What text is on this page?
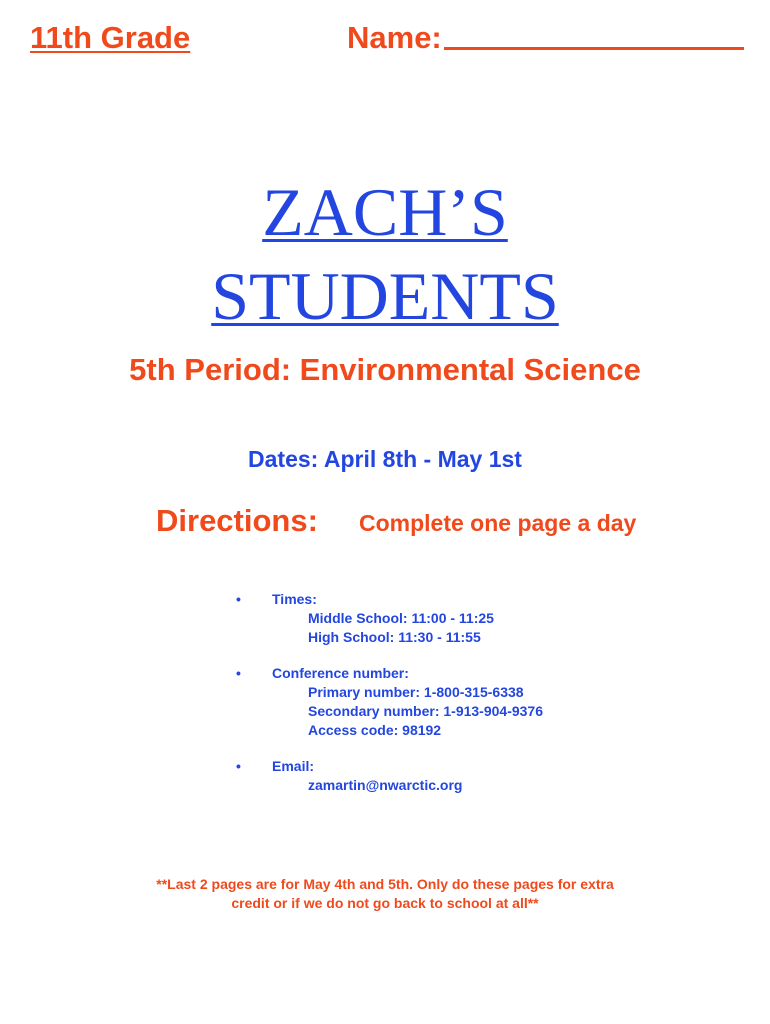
11th Grade	Name:
ZACH’S
STUDENTS
5th Period: Environmental Science
Dates: April 8th - May 1st
Directions: Complete one page a day
• Times:
Middle School: 11:00 - 11:25
High School: 11:30 - 11:55
• Conference number:
Primary number: 1-800-315-6338
Secondary number: 1-913-904-9376
Access code: 98192
• Email:
zamartin@nwarctic.org
**Last 2 pages are for May 4th and 5th. Only do these pages for extra
credit or if we do not go back to school at all**
